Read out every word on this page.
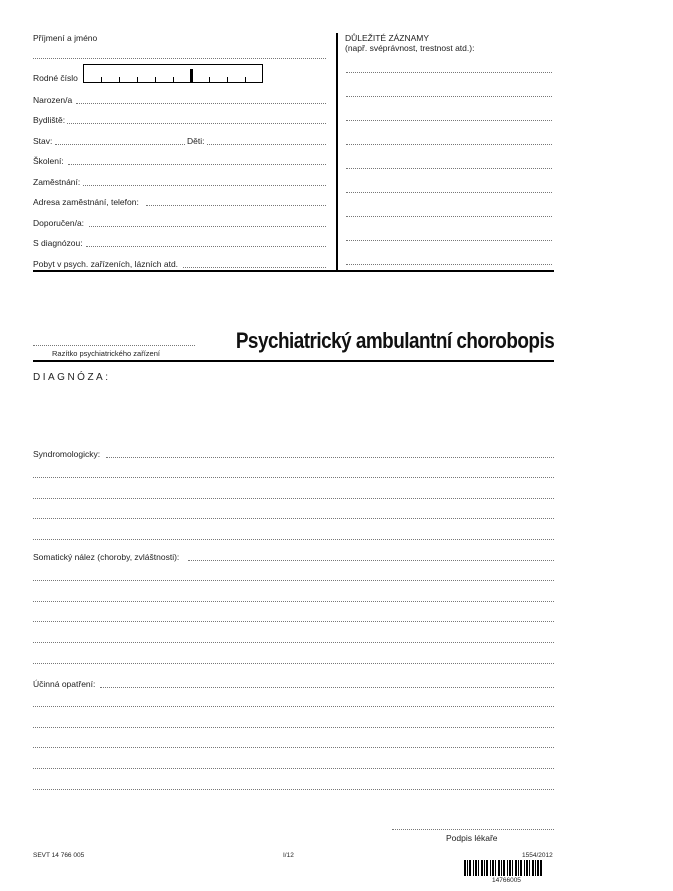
Příjmení a jméno
Rodné číslo
Narozen/a
Bydliště:
Stav:	Děti:
Školení:
Zaměstnání:
Adresa zaměstnání, telefon:
Doporučen/a:
S diagnózou:
Pobyt v psych. zařízeních, lázních atd.
DŮLEŽITÉ ZÁZNAMY
(např. svéprávnost, trestnost atd.):
Razítko psychiatrického zařízení
Psychiatrický ambulantní chorobopis
DIAGNÓZA:
Syndromologicky:
Somatický nález (choroby, zvláštnosti):
Účinná opatření:
Podpis lékaře
SEVT 14 766 005	I/12	1554/2012
14766005
